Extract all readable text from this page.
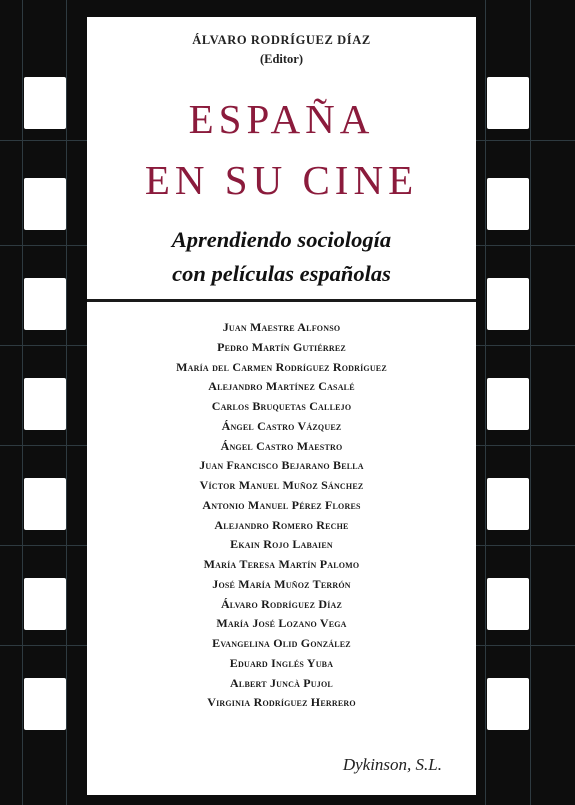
ÁLVARO RODRÍGUEZ DÍAZ
(Editor)
ESPAÑA
EN SU CINE
Aprendiendo sociología
con películas españolas
Juan Maestre Alfonso
Pedro Martín Gutiérrez
María del Carmen Rodríguez Rodríguez
Alejandro Martínez Casalé
Carlos Bruquetas Callejo
Ángel Castro Vázquez
Ángel Castro Maestro
Juan Francisco Bejarano Bella
Víctor Manuel Muñoz Sánchez
Antonio Manuel Pérez Flores
Alejandro Romero Reche
Ekain Rojo Labaien
María Teresa Martín Palomo
José María Muñoz Terrón
Álvaro Rodríguez Díaz
María José Lozano Vega
Evangelina Olid González
Eduard Inglés Yuba
Albert Juncà Pujol
Virginia Rodríguez Herrero
Dykinson, S.L.
